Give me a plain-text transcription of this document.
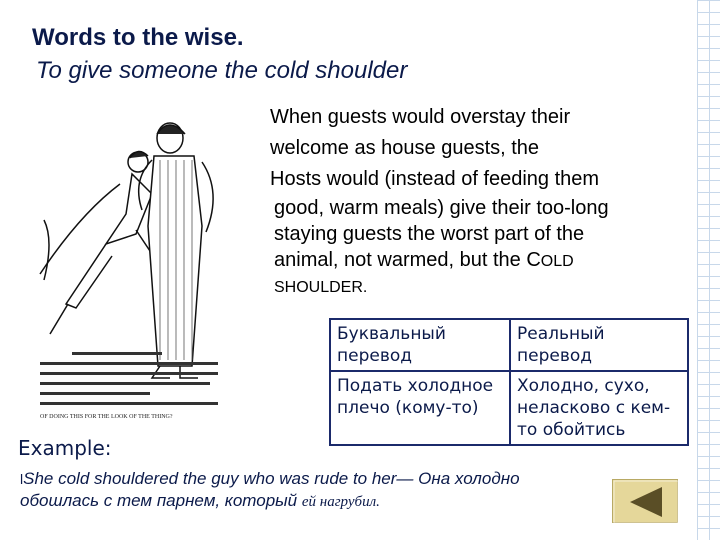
Words to the wise.
To give someone the cold shoulder
OF DOING THIS FOR THE LOOK OF THE THING?
When guests would overstay their
welcome as house guests, the
Hosts would (instead of feeding them
good, warm meals) give their too-long
staying guests the worst part of the
animal, not warmed, but the COLD
SHOULDER.
Буквальный перевод	Реальный перевод
Подать холодное плечо (кому-то)	Холодно, сухо, неласково с кем-то обойтись
Example:
lShe cold shouldered the guy who was rude to her— Она холодно обошлась с тем парнем, который ей нагрубил.
